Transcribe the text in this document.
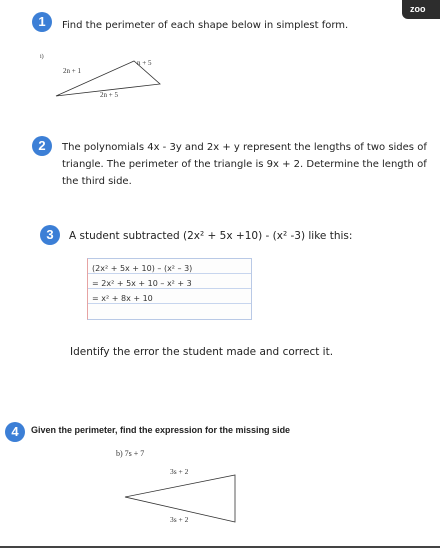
zoo
1	Find the perimeter of each shape below in simplest form.
i)
2n + 1
n + 5
2n + 5
2	The polynomials 4x - 3y and 2x + y represent the lengths of two sides of
triangle. The perimeter of the triangle is 9x + 2. Determine the length of
the third side.
3	A student subtracted (2x² + 5x +10) - (x² -3) like this:
(2x² + 5x + 10) – (x² – 3)
= 2x² + 5x + 10 – x² + 3
= x² + 8x + 10
Identify the error the student made and correct it.
4	Given the perimeter, find the expression for the missing side
b) 7s + 7
3s + 2
3s + 2
